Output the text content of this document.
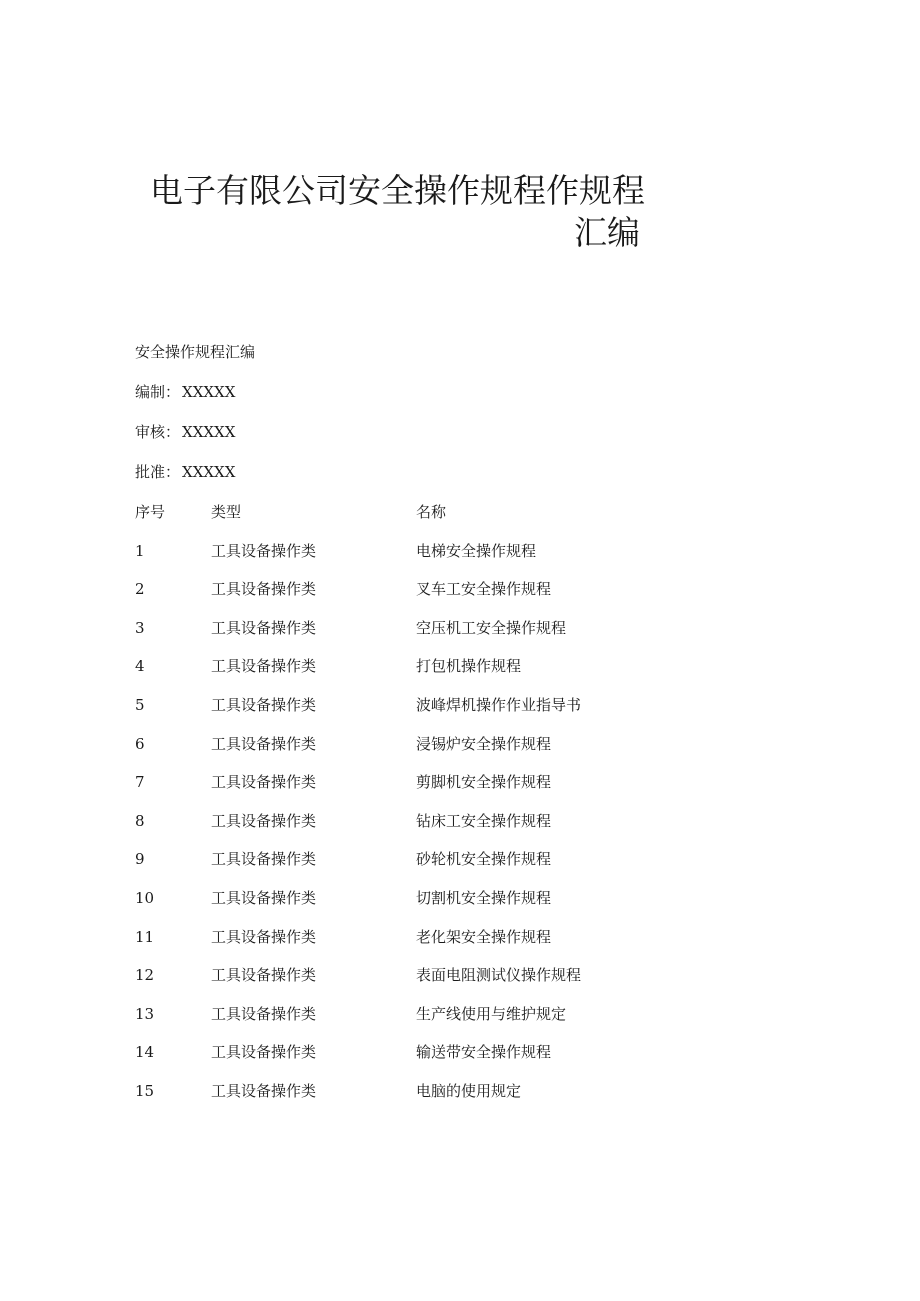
电子有限公司安全操作规程作规程
汇编
安全操作规程汇编
编制： XXXXX
审核： XXXXX
批准： XXXXX
序号	类型	名称
1	工具设备操作类	电梯安全操作规程
2	工具设备操作类	叉车工安全操作规程
3	工具设备操作类	空压机工安全操作规程
4	工具设备操作类	打包机操作规程
5	工具设备操作类	波峰焊机操作作业指导书
6	工具设备操作类	浸锡炉安全操作规程
7	工具设备操作类	剪脚机安全操作规程
8	工具设备操作类	钻床工安全操作规程
9	工具设备操作类	砂轮机安全操作规程
10	工具设备操作类	切割机安全操作规程
11	工具设备操作类	老化架安全操作规程
12	工具设备操作类	表面电阻测试仪操作规程
13	工具设备操作类	生产线使用与维护规定
14	工具设备操作类	输送带安全操作规程
15	工具设备操作类	电脑的使用规定
